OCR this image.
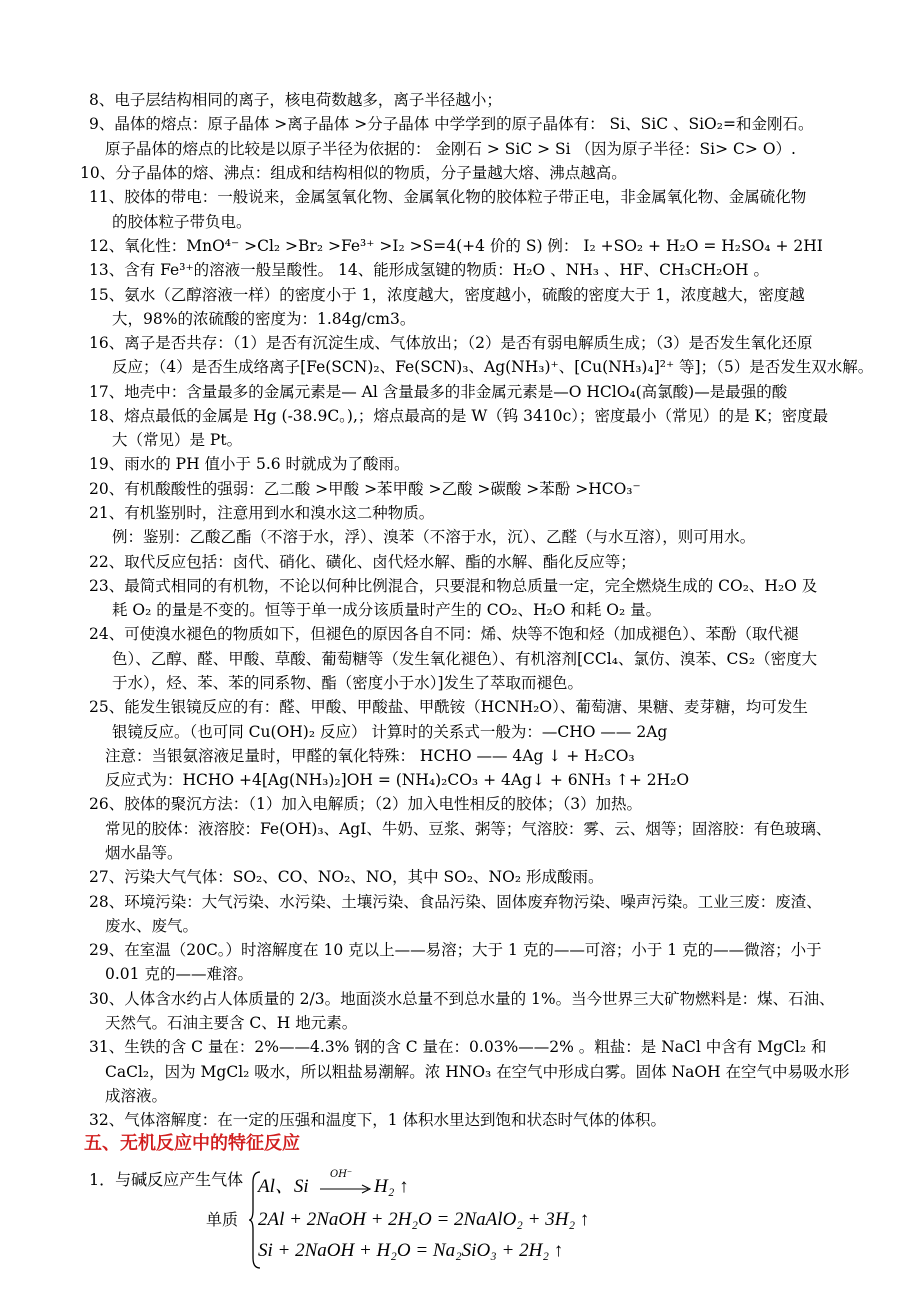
8、电子层结构相同的离子，核电荷数越多，离子半径越小；
9、晶体的熔点：原子晶体 >离子晶体 >分子晶体 中学学到的原子晶体有： Si、SiC 、SiO₂=和金刚石。
原子晶体的熔点的比较是以原子半径为依据的： 金刚石 > SiC > Si （因为原子半径：Si> C> O）.
10、分子晶体的熔、沸点：组成和结构相似的物质，分子量越大熔、沸点越高。
11、胶体的带电：一般说来，金属氢氧化物、金属氧化物的胶体粒子带正电，非金属氧化物、金属硫化物
的胶体粒子带负电。
12、氧化性：MnO⁴⁻ >Cl₂ >Br₂ >Fe³⁺ >I₂ >S=4(+4 价的 S) 例： I₂ +SO₂ + H₂O = H₂SO₄ + 2HI
13、含有 Fe³⁺的溶液一般呈酸性。 14、能形成氢键的物质：H₂O 、NH₃ 、HF、CH₃CH₂OH 。
15、氨水（乙醇溶液一样）的密度小于 1，浓度越大，密度越小，硫酸的密度大于 1，浓度越大，密度越
大，98%的浓硫酸的密度为：1.84g/cm3。
16、离子是否共存：（1）是否有沉淀生成、气体放出；（2）是否有弱电解质生成；（3）是否发生氧化还原
反应；（4）是否生成络离子[Fe(SCN)₂、Fe(SCN)₃、Ag(NH₃)⁺、[Cu(NH₃)₄]²⁺ 等]；（5）是否发生双水解。
17、地壳中：含量最多的金属元素是— Al 含量最多的非金属元素是—O HClO₄(高氯酸)—是最强的酸
18、熔点最低的金属是 Hg (-38.9C。),；熔点最高的是 W（钨 3410c）；密度最小（常见）的是 K；密度最
大（常见）是 Pt。
19、雨水的 PH 值小于 5.6 时就成为了酸雨。
20、有机酸酸性的强弱：乙二酸 >甲酸 >苯甲酸 >乙酸 >碳酸 >苯酚 >HCO₃⁻
21、有机鉴别时，注意用到水和溴水这二种物质。
例：鉴别：乙酸乙酯（不溶于水，浮）、溴苯（不溶于水，沉）、乙醛（与水互溶），则可用水。
22、取代反应包括：卤代、硝化、磺化、卤代烃水解、酯的水解、酯化反应等；
23、最简式相同的有机物，不论以何种比例混合，只要混和物总质量一定，完全燃烧生成的 CO₂、H₂O 及
耗 O₂ 的量是不变的。恒等于单一成分该质量时产生的 CO₂、H₂O 和耗 O₂ 量。
24、可使溴水褪色的物质如下，但褪色的原因各自不同：烯、炔等不饱和烃（加成褪色）、苯酚（取代褪
色）、乙醇、醛、甲酸、草酸、葡萄糖等（发生氧化褪色）、有机溶剂[CCl₄、氯仿、溴苯、CS₂（密度大
于水），烃、苯、苯的同系物、酯（密度小于水）]发生了萃取而褪色。
25、能发生银镜反应的有：醛、甲酸、甲酸盐、甲酰铵（HCNH₂O）、葡萄溏、果糖、麦芽糖，均可发生
银镜反应。（也可同 Cu(OH)₂ 反应） 计算时的关系式一般为：—CHO —— 2Ag
注意：当银氨溶液足量时，甲醛的氧化特殊： HCHO —— 4Ag ↓ + H₂CO₃
反应式为：HCHO +4[Ag(NH₃)₂]OH = (NH₄)₂CO₃ + 4Ag↓ + 6NH₃ ↑+ 2H₂O
26、胶体的聚沉方法：（1）加入电解质；（2）加入电性相反的胶体；（3）加热。
常见的胶体：液溶胶：Fe(OH)₃、AgI、牛奶、豆浆、粥等；气溶胶：雾、云、烟等；固溶胶：有色玻璃、
烟水晶等。
27、污染大气气体：SO₂、CO、NO₂、NO，其中 SO₂、NO₂ 形成酸雨。
28、环境污染：大气污染、水污染、土壤污染、食品污染、固体废弃物污染、噪声污染。工业三废：废渣、
废水、废气。
29、在室温（20C。）时溶解度在 10 克以上——易溶；大于 1 克的——可溶；小于 1 克的——微溶；小于
0.01 克的——难溶。
30、人体含水约占人体质量的 2/3。地面淡水总量不到总水量的 1%。当今世界三大矿物燃料是：煤、石油、
天然气。石油主要含 C、H 地元素。
31、生铁的含 C 量在：2%——4.3% 钢的含 C 量在：0.03%——2% 。粗盐：是 NaCl 中含有 MgCl₂ 和
CaCl₂，因为 MgCl₂ 吸水，所以粗盐易潮解。浓 HNO₃ 在空气中形成白雾。固体 NaOH 在空气中易吸水形
成溶液。
32、气体溶解度：在一定的压强和温度下，1 体积水里达到饱和状态时气体的体积。
五、无机反应中的特征反应
1．与碱反应产生气体
单质
Al、Si
OH⁻
H₂ ↑
2Al + 2NaOH + 2H₂O = 2NaAlO₂ + 3H₂ ↑
Si + 2NaOH + H₂O = Na₂SiO₃ + 2H₂ ↑
